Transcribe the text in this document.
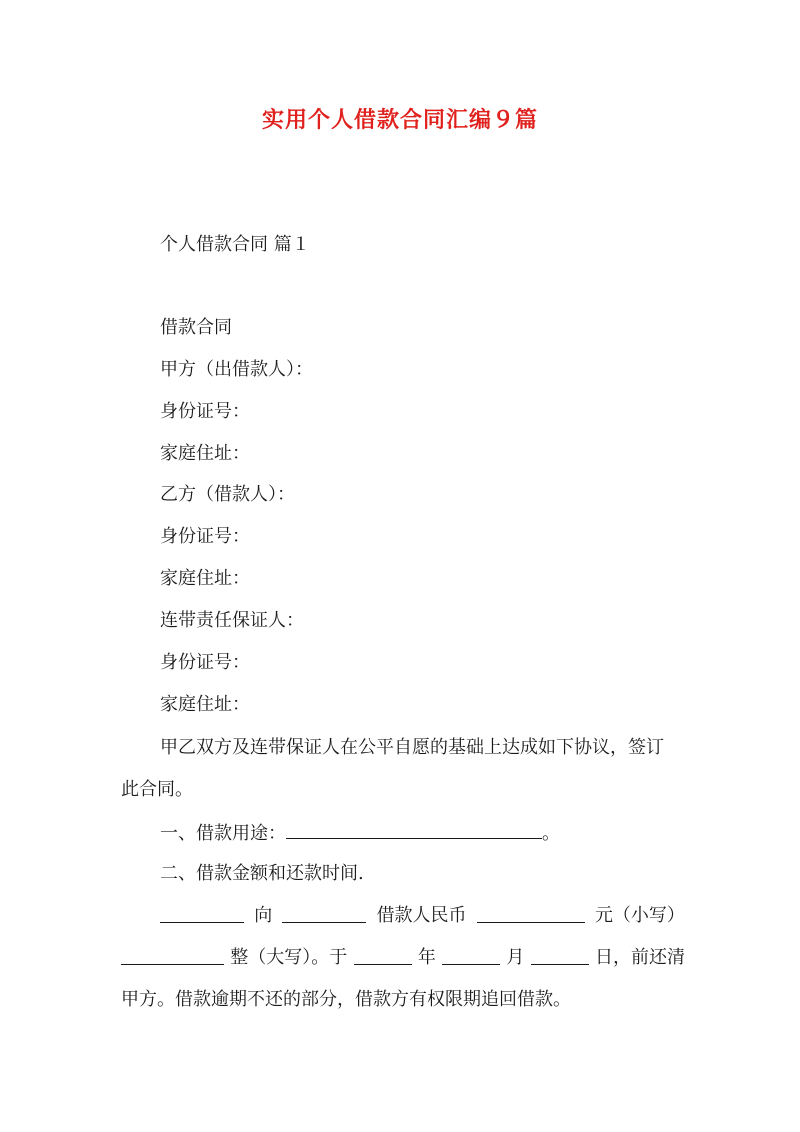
实用个人借款合同汇编９篇
个人借款合同 篇１
借款合同
甲方（出借款人）：
身份证号：
家庭住址：
乙方（借款人）：
身份证号：
家庭住址：
连带责任保证人：
身份证号：
家庭住址：
甲乙双方及连带保证人在公平自愿的基础上达成如下协议，签订
此合同。
一、借款用途：	。
二、借款金额和还款时间.
向	借款人民币	元（小写）
整（大写）。于	年	月	日，前还清
甲方。借款逾期不还的部分，借款方有权限期追回借款。
